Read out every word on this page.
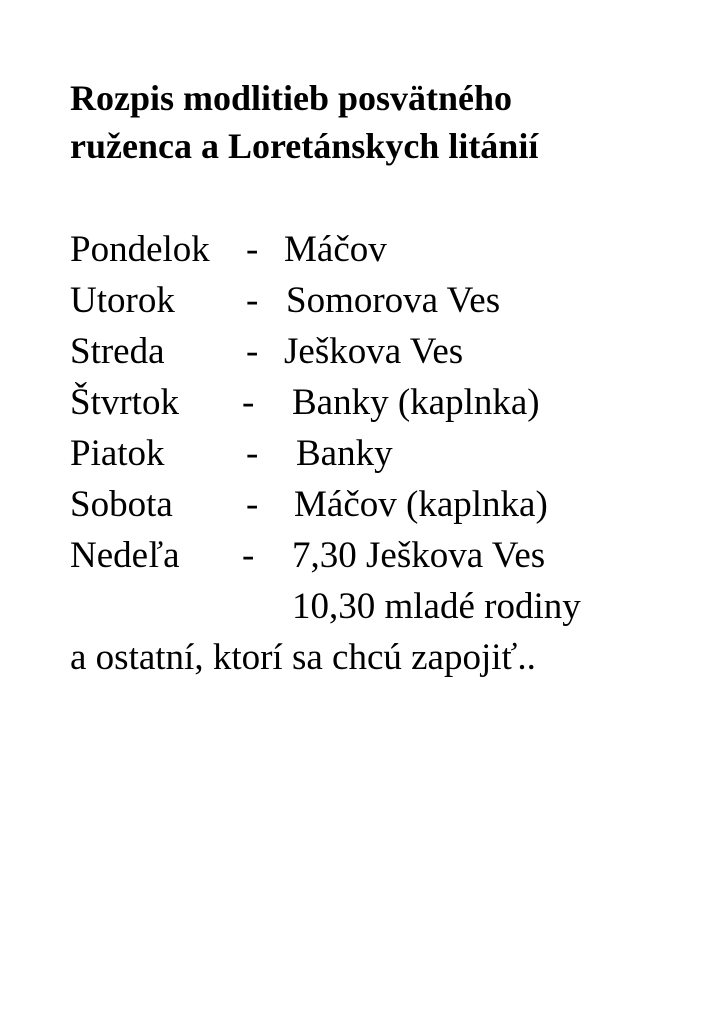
Rozpis modlitieb posvätného
ruženca a Loretánskych litánií
Pondelok - Máčov
Utorok - Somorova Ves
Streda - Ješkova Ves
Štvrtok - Banky (kaplnka)
Piatok - Banky
Sobota - Máčov (kaplnka)
Nedeľa - 7,30 Ješkova Ves
10,30 mladé rodiny
a ostatní, ktorí sa chcú zapojiť..
